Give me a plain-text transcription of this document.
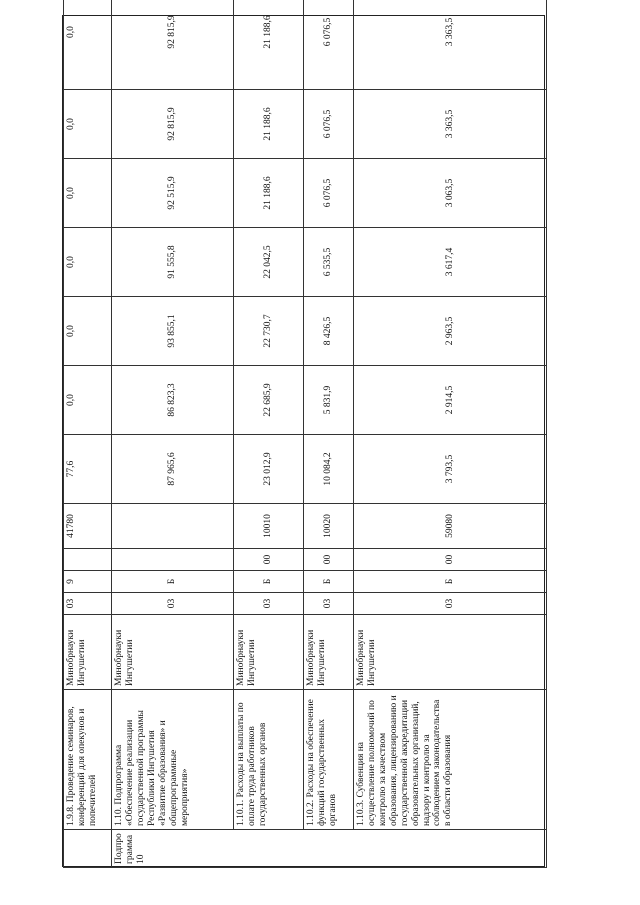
	1.9.8. Проведение семинаров, конференций для опекунов и попечителей	Минобрнауки Ингушетии	03	9		41780	77,6	0,0	0,0	0,0	0,0	0,0	0,0
Подпрограмма 10	1.10. Подпрограмма «Обеспечение реализации государственной программы Республики Ингушетия «Развитие образования» и общепрограммные мероприятия»	Минобрнауки Ингушетии	03	Б			87 965,6	86 823,3	93 855,1	91 555,8	92 515,9	92 815,9	92 815,9
	1.10.1. Расходы на выплаты по оплате труда работников государственных органов	Минобрнауки Ингушетии	03	Б	00	10010	23 012,9	22 685,9	22 730,7	22 042,5	21 188,6	21 188,6	21 188,6
	1.10.2. Расходы на обеспечение функций государственных органов	Минобрнауки Ингушетии	03	Б	00	10020	10 084,2	5 831,9	8 426,5	6 535,5	6 076,5	6 076,5	6 076,5
	1.10.3. Субвенция на осуществление полномочий по контролю за качеством образования, лицензированию и государственной аккредитации образовательных организаций, надзору и контролю за соблюдением законодательства в области образования	Минобрнауки Ингушетии	03	Б	00	59080	3 793,5	2 914,5	2 963,5	3 617,4	3 063,5	3 363,5	3 363,5
